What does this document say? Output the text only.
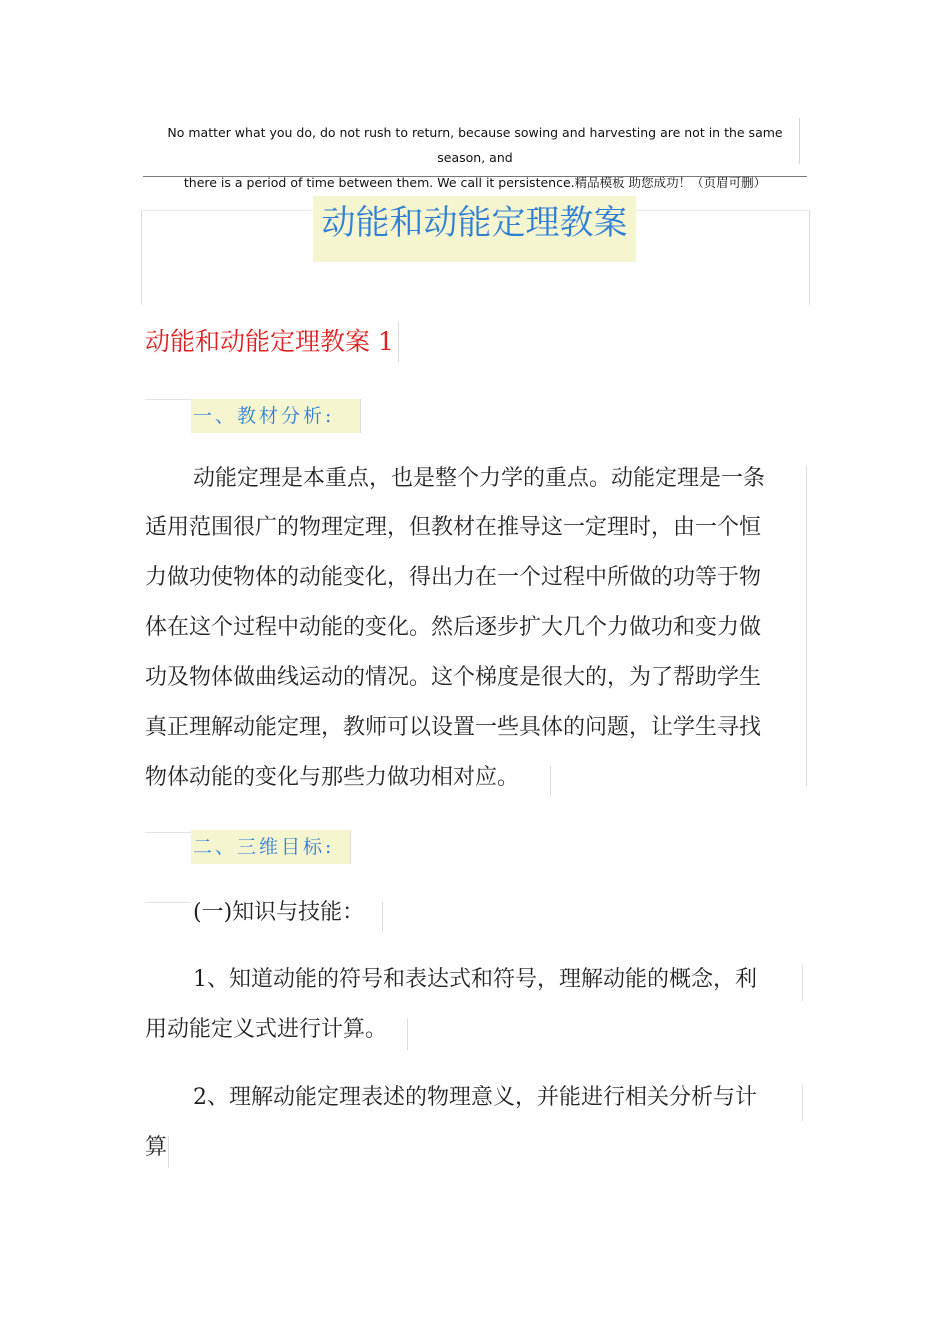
No matter what you do, do not rush to return, because sowing and harvesting are not in the same season, and
there is a period of time between them. We call it persistence.精品模板 助您成功！（页眉可删）
动能和动能定理教案
动能和动能定理教案 1
一、教材分析:
动能定理是本重点，也是整个力学的重点。动能定理是一条
适用范围很广的物理定理，但教材在推导这一定理时，由一个恒
力做功使物体的动能变化，得出力在一个过程中所做的功等于物
体在这个过程中动能的变化。然后逐步扩大几个力做功和变力做
功及物体做曲线运动的情况。这个梯度是很大的，为了帮助学生
真正理解动能定理，教师可以设置一些具体的问题，让学生寻找
物体动能的变化与那些力做功相对应。
二、三维目标:
(一)知识与技能：
1、知道动能的符号和表达式和符号，理解动能的概念，利
用动能定义式进行计算。
2、理解动能定理表述的物理意义，并能进行相关分析与计
算
